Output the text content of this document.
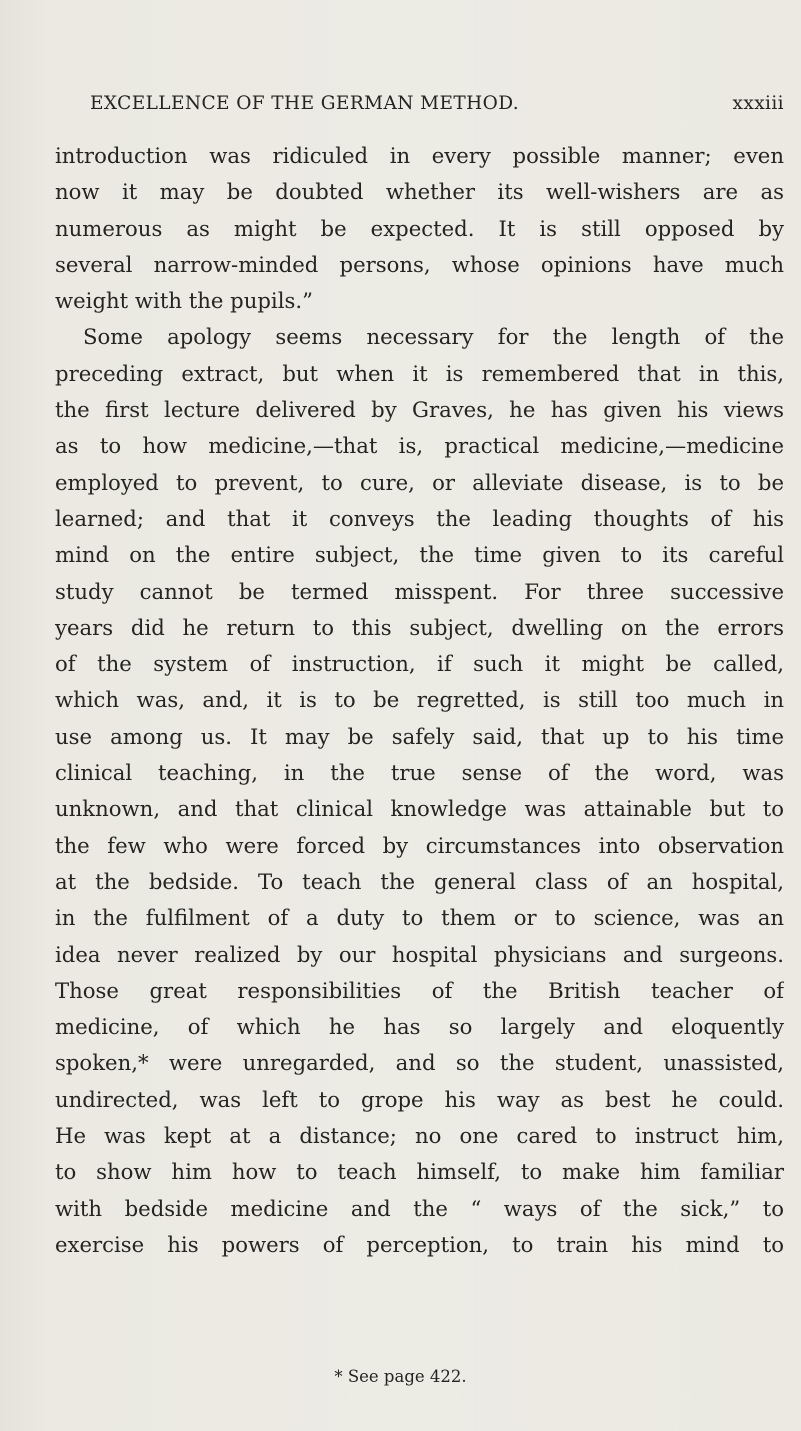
EXCELLENCE OF THE GERMAN METHOD.	xxxiii
introduction was ridiculed in every possible manner; even
now it may be doubted whether its well-wishers are as
numerous as might be expected. It is still opposed by
several narrow-minded persons, whose opinions have much
weight with the pupils.”
Some apology seems necessary for the length of the
preceding extract, but when it is remembered that in this,
the first lecture delivered by Graves, he has given his views
as to how medicine,—that is, practical medicine,—medicine
employed to prevent, to cure, or alleviate disease, is to be
learned; and that it conveys the leading thoughts of his
mind on the entire subject, the time given to its careful
study cannot be termed misspent. For three successive
years did he return to this subject, dwelling on the errors
of the system of instruction, if such it might be called,
which was, and, it is to be regretted, is still too much in
use among us. It may be safely said, that up to his time
clinical teaching, in the true sense of the word, was
unknown, and that clinical knowledge was attainable but to
the few who were forced by circumstances into observation
at the bedside. To teach the general class of an hospital,
in the fulfilment of a duty to them or to science, was an
idea never realized by our hospital physicians and surgeons.
Those great responsibilities of the British teacher of
medicine, of which he has so largely and eloquently
spoken,* were unregarded, and so the student, unassisted,
undirected, was left to grope his way as best he could.
He was kept at a distance; no one cared to instruct him,
to show him how to teach himself, to make him familiar
with bedside medicine and the “ ways of the sick,” to
exercise his powers of perception, to train his mind to
* See page 422.
